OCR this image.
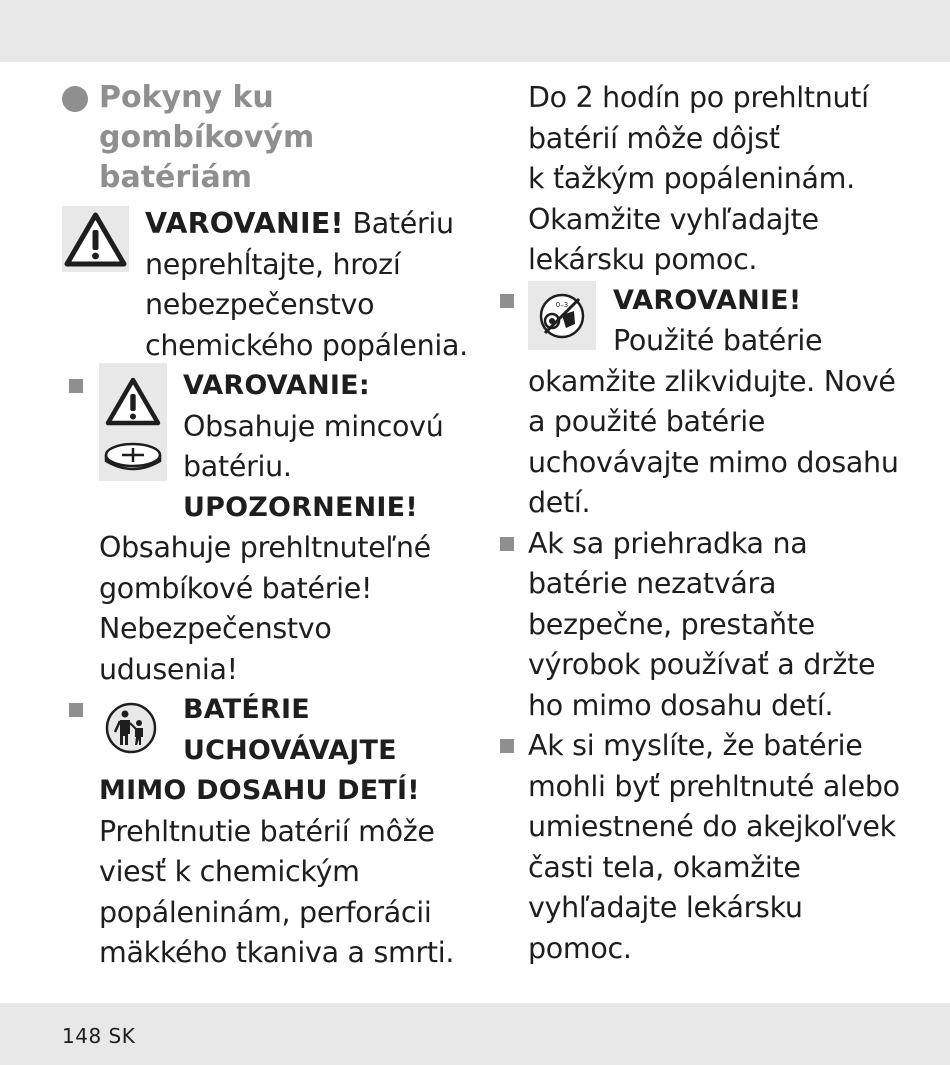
Pokyny ku
gombíkovým
batériám
VAROVANIE! Batériu
neprehĺtajte, hrozí
nebezpečenstvo
chemického popálenia.
VAROVANIE:
Obsahuje mincovú
batériu.
UPOZORNENIE!
Obsahuje prehltnuteľné
gombíkové batérie!
Nebezpečenstvo
udusenia!
BATÉRIE
UCHOVÁVAJTE
MIMO DOSAHU DETÍ!
Prehltnutie batérií môže
viesť k chemickým
popáleninám, perforácii
mäkkého tkaniva a smrti.
Do 2 hodín po prehltnutí
batérií môže dôjsť
k ťažkým popáleninám.
Okamžite vyhľadajte
lekársku pomoc.
0–3 VAROVANIE!
Použité batérie
okamžite zlikvidujte. Nové
a použité batérie
uchovávajte mimo dosahu
detí.
Ak sa priehradka na
batérie nezatvára
bezpečne, prestaňte
výrobok používať a držte
ho mimo dosahu detí.
Ak si myslíte, že batérie
mohli byť prehltnuté alebo
umiestnené do akejkoľvek
časti tela, okamžite
vyhľadajte lekársku
pomoc.
148 SK
